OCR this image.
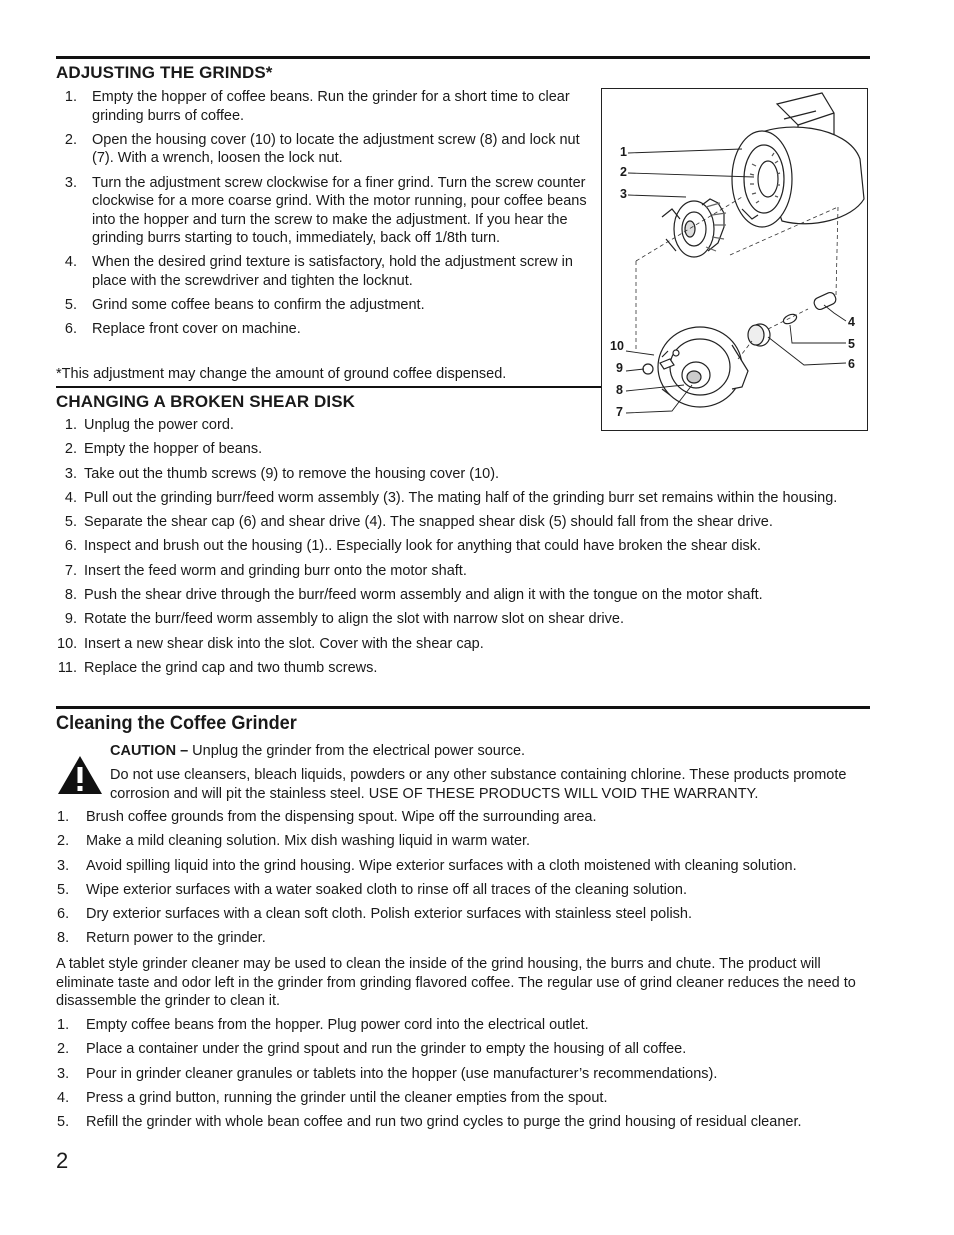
ADJUSTING THE GRINDS*
1. Empty the hopper of coffee beans. Run the grinder for a short time to clear grinding burrs of coffee.
2. Open the housing cover (10) to locate the adjustment screw (8) and lock nut (7). With a wrench, loosen the lock nut.
3. Turn the adjustment screw clockwise for a finer grind. Turn the screw counter clockwise for a more coarse grind. With the motor running, pour coffee beans into the hopper and turn the screw to make the adjustment. If you hear the grinding burrs starting to touch, immediately, back off 1/8th turn.
4. When the desired grind texture is satisfactory, hold the adjustment screw in place with the screwdriver and tighten the locknut.
5. Grind some coffee beans to confirm the adjustment.
6. Replace front cover on machine.

*This adjustment may change the amount of ground coffee dispensed.

CHANGING A BROKEN SHEAR DISK
1. Unplug the power cord.
2. Empty the hopper of beans.
3. Take out the thumb screws (9) to remove the housing cover (10).
4. Pull out the grinding burr/feed worm assembly (3). The mating half of the grinding burr set remains within the housing.
5. Separate the shear cap (6) and shear drive (4). The snapped shear disk (5) should fall from the shear drive.
6. Inspect and brush out the housing (1).. Especially look for anything that could have broken the shear disk.
7. Insert the feed worm and grinding burr onto the motor shaft.
8. Push the shear drive through the burr/feed worm assembly and align it with the tongue on the motor shaft.
9. Rotate the burr/feed worm assembly to align the slot with narrow slot on shear drive.
10. Insert a new shear disk into the slot. Cover with the shear cap.
11. Replace the grind cap and two thumb screws.
1
2
3
4
5
6
7
8
9
10
Cleaning the Coffee Grinder

CAUTION – Unplug the grinder from the electrical power source.

Do not use cleansers, bleach liquids, powders or any other substance containing chlorine. These products promote corrosion and will pit the stainless steel. USE OF THESE PRODUCTS WILL VOID THE WARRANTY.

1. Brush coffee grounds from the dispensing spout. Wipe off the surrounding area.
2. Make a mild cleaning solution. Mix dish washing liquid in warm water.
3. Avoid spilling liquid into the grind housing. Wipe exterior surfaces with a cloth moistened with cleaning solution.
5. Wipe exterior surfaces with a water soaked cloth to rinse off all traces of the cleaning solution.
6. Dry exterior surfaces with a clean soft cloth. Polish exterior surfaces with stainless steel polish.
8. Return power to the grinder.

A tablet style grinder cleaner may be used to clean the inside of the grind housing, the burrs and chute. The product will eliminate taste and odor left in the grinder from grinding flavored coffee. The regular use of grind cleaner reduces the need to disassemble the grinder to clean it.

1. Empty coffee beans from the hopper. Plug power cord into the electrical outlet.
2. Place a container under the grind spout and run the grinder to empty the housing of all coffee.
3. Pour in grinder cleaner granules or tablets into the hopper (use manufacturer’s recommendations).
4. Press a grind button, running the grinder until the cleaner empties from the spout.
5. Refill the grinder with whole bean coffee and run two grind cycles to purge the grind housing of residual cleaner.
2
